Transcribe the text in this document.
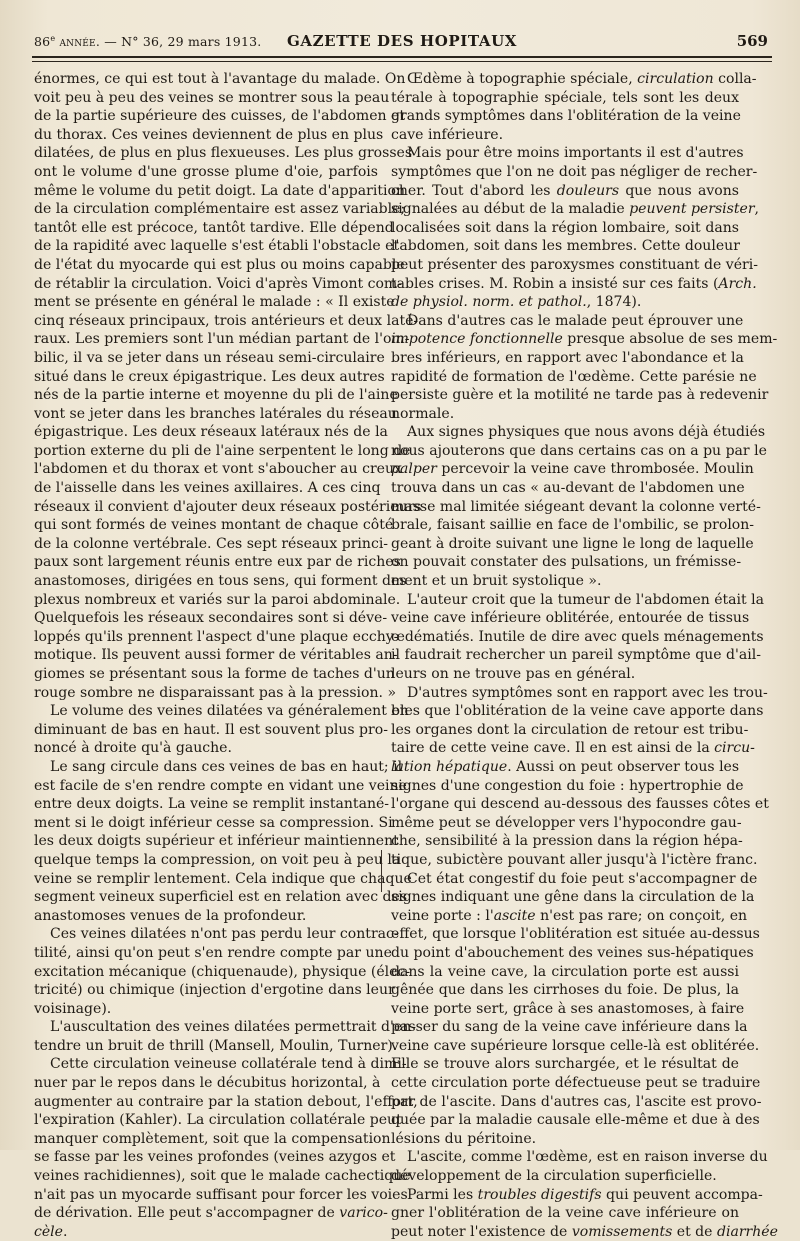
86e année. — N° 36, 29 mars 1913.	GAZETTE DES HOPITAUX	569
énormes, ce qui est tout à l'avantage du malade. On
voit peu à peu des veines se montrer sous la peau
de la partie supérieure des cuisses, de l'abdomen et
du thorax. Ces veines deviennent de plus en plus
dilatées, de plus en plus flexueuses. Les plus grosses
ont le volume d'une grosse plume d'oie, parfois
même le volume du petit doigt. La date d'apparition
de la circulation complémentaire est assez variable;
tantôt elle est précoce, tantôt tardive. Elle dépend
de la rapidité avec laquelle s'est établi l'obstacle et
de l'état du myocarde qui est plus ou moins capable
de rétablir la circulation. Voici d'après Vimont com-
ment se présente en général le malade : « Il existe
cinq réseaux principaux, trois antérieurs et deux laté-
raux. Les premiers sont l'un médian partant de l'om-
bilic, il va se jeter dans un réseau semi-circulaire
situé dans le creux épigastrique. Les deux autres
nés de la partie interne et moyenne du pli de l'aine
vont se jeter dans les branches latérales du réseau
épigastrique. Les deux réseaux latéraux nés de la
portion externe du pli de l'aine serpentent le long de
l'abdomen et du thorax et vont s'aboucher au creux
de l'aisselle dans les veines axillaires. A ces cinq
réseaux il convient d'ajouter deux réseaux postérieurs
qui sont formés de veines montant de chaque côté
de la colonne vertébrale. Ces sept réseaux princi-
paux sont largement réunis entre eux par de riches
anastomoses, dirigées en tous sens, qui forment des
plexus nombreux et variés sur la paroi abdominale.
Quelquefois les réseaux secondaires sont si déve-
loppés qu'ils prennent l'aspect d'une plaque ecchy-
motique. Ils peuvent aussi former de véritables an-
giomes se présentant sous la forme de taches d'un
rouge sombre ne disparaissant pas à la pression. »
Le volume des veines dilatées va généralement en
diminuant de bas en haut. Il est souvent plus pro-
noncé à droite qu'à gauche.
Le sang circule dans ces veines de bas en haut; il
est facile de s'en rendre compte en vidant une veine
entre deux doigts. La veine se remplit instantané-
ment si le doigt inférieur cesse sa compression. Si
les deux doigts supérieur et inférieur maintiennent
quelque temps la compression, on voit peu à peu la
veine se remplir lentement. Cela indique que chaque
segment veineux superficiel est en relation avec des
anastomoses venues de la profondeur.
Ces veines dilatées n'ont pas perdu leur contrac-
tilité, ainsi qu'on peut s'en rendre compte par une
excitation mécanique (chiquenaude), physique (élec-
tricité) ou chimique (injection d'ergotine dans leur
voisinage).
L'auscultation des veines dilatées permettrait d'en-
tendre un bruit de thrill (Mansell, Moulin, Turner).
Cette circulation veineuse collatérale tend à dimi-
nuer par le repos dans le décubitus horizontal, à
augmenter au contraire par la station debout, l'effort,
l'expiration (Kahler). La circulation collatérale peut
manquer complètement, soit que la compensation
se fasse par les veines profondes (veines azygos et
veines rachidiennes), soit que le malade cachectique
n'ait pas un myocarde suffisant pour forcer les voies
de dérivation. Elle peut s'accompagner de varico-
cèle.
Œdème à topographie spéciale, circulation colla-
térale à topographie spéciale, tels sont les deux
grands symptômes dans l'oblitération de la veine
cave inférieure.
Mais pour être moins importants il est d'autres
symptômes que l'on ne doit pas négliger de recher-
cher. Tout d'abord les douleurs que nous avons
signalées au début de la maladie peuvent persister,
localisées soit dans la région lombaire, soit dans
l'abdomen, soit dans les membres. Cette douleur
peut présenter des paroxysmes constituant de véri-
tables crises. M. Robin a insisté sur ces faits (Arch.
de physiol. norm. et pathol., 1874).
Dans d'autres cas le malade peut éprouver une
impotence fonctionnelle presque absolue de ses mem-
bres inférieurs, en rapport avec l'abondance et la
rapidité de formation de l'œdème. Cette parésie ne
persiste guère et la motilité ne tarde pas à redevenir
normale.
Aux signes physiques que nous avons déjà étudiés
nous ajouterons que dans certains cas on a pu par le
palper percevoir la veine cave thrombosée. Moulin
trouva dans un cas « au-devant de l'abdomen une
masse mal limitée siégeant devant la colonne verté-
brale, faisant saillie en face de l'ombilic, se prolon-
geant à droite suivant une ligne le long de laquelle
on pouvait constater des pulsations, un frémisse-
ment et un bruit systolique ».
L'auteur croit que la tumeur de l'abdomen était la
veine cave inférieure oblitérée, entourée de tissus
œdématiés. Inutile de dire avec quels ménagements
il faudrait rechercher un pareil symptôme que d'ail-
leurs on ne trouve pas en général.
D'autres symptômes sont en rapport avec les trou-
bles que l'oblitération de la veine cave apporte dans
les organes dont la circulation de retour est tribu-
taire de cette veine cave. Il en est ainsi de la circu-
lation hépatique. Aussi on peut observer tous les
signes d'une congestion du foie : hypertrophie de
l'organe qui descend au-dessous des fausses côtes et
même peut se développer vers l'hypocondre gau-
che, sensibilité à la pression dans la région hépa-
tique, subictère pouvant aller jusqu'à l'ictère franc.
Cet état congestif du foie peut s'accompagner de
signes indiquant une gêne dans la circulation de la
veine porte : l'ascite n'est pas rare; on conçoit, en
effet, que lorsque l'oblitération est située au-dessus
du point d'abouchement des veines sus-hépatiques
dans la veine cave, la circulation porte est aussi
gênée que dans les cirrhoses du foie. De plus, la
veine porte sert, grâce à ses anastomoses, à faire
passer du sang de la veine cave inférieure dans la
veine cave supérieure lorsque celle-là est oblitérée.
Elle se trouve alors surchargée, et le résultat de
cette circulation porte défectueuse peut se traduire
par de l'ascite. Dans d'autres cas, l'ascite est provo-
quée par la maladie causale elle-même et due à des
lésions du péritoine.
L'ascite, comme l'œdème, est en raison inverse du
développement de la circulation superficielle.
Parmi les troubles digestifs qui peuvent accompa-
gner l'oblitération de la veine cave inférieure on
peut noter l'existence de vomissements et de diarrhée
